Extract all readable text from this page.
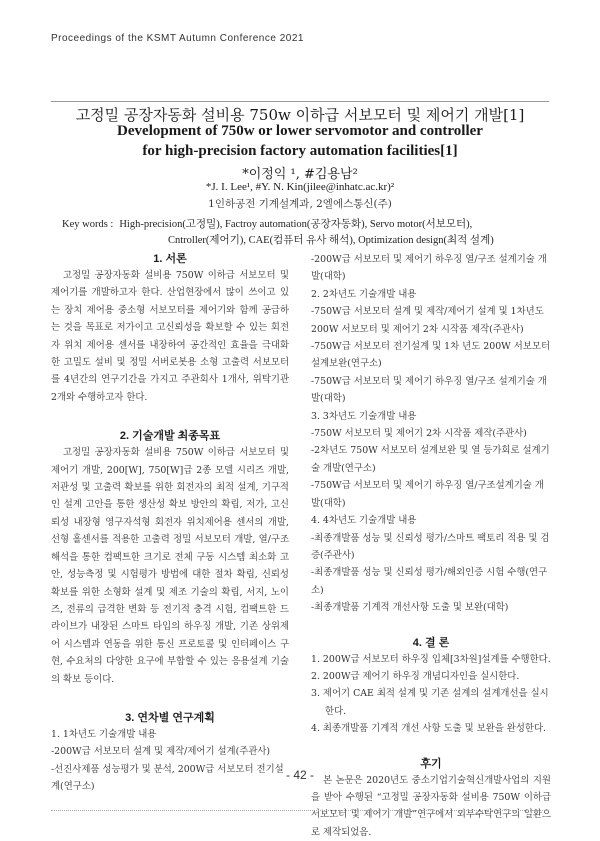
Proceedings of the KSMT Autumn Conference 2021
고정밀 공장자동화 설비용 750w 이하급 서보모터 및 제어기 개발[1]
Development of 750w or lower servomotor and controller
for high-precision factory automation facilities[1]
*이정익 ¹, #김용남²
*J. I. Lee¹, #Y. N. Kin(jilee@inhatc.ac.kr)²
1인하공전 기계설계과, 2엘에스통신(주)
Key words : High-precision(고정밀), Factroy automation(공장자동화), Servo motor(서보모터),
Cntroller(제어기), CAE(컴퓨터 유사 해석), Optimization design(최적 설계)
1. 서론

고정밀 공장자동화 설비용 750W 이하급 서보모터 및 제어기를 개발하고자 한다. 산업현장에서 많이 쓰이고 있는 장치 제어용 중소형 서보모터를 제어기와 함께 공급하는 것을 목표로 저가이고 고신뢰성을 확보할 수 있는 회전자 위치 제어용 센서를 내장하여 공간적인 효율을 극대화한 고밀도 설비 및 정밀 서버로봇용 소형 고출력 서보모터를 4년간의 연구기간을 가지고 주관회사 1개사, 위탁기관 2개와 수행하고자 한다.

2. 기술개발 최종목표

고정밀 공장자동화 설비용 750W 이하급 서보모터 및 제어기 개발, 200[W], 750[W]급 2종 모델 시리즈 개발, 저관성 및 고출력 확보를 위한 회전자의 최적 설계, 기구적인 설계 고안을 통한 생산성 확보 방안의 확립, 저가, 고신뢰성 내장형 영구자석형 회전자 위치제어용 센서의 개발, 선형 홀센서를 적용한 고출력 정밀 서보모터 개발, 열/구조해석을 통한 컴팩트한 크기로 전체 구동 시스템 최소화 고안, 성능측정 및 시험평가 방법에 대한 절차 확립, 신뢰성 확보를 위한 소형화 설계 및 제조 기술의 확립, 서지, 노이즈, 전류의 급격한 변화 등 전기적 충격 시험, 컴팩트한 드라이브가 내장된 스마트 타입의 하우징 개발, 기존 상위제어 시스템과 연동을 위한 통신 프로토콜 및 인터페이스 구현, 수요처의 다양한 요구에 부합할 수 있는 응용설계 기술의 확보 등이다.

3. 연차별 연구계획
1. 1차년도 기술개발 내용
-200W급 서보모터 설계 및 제작/제어기 설계(주관사)
-선진사제품 성능평가 및 분석, 200W급 서보모터 전기설계(연구소)
-200W급 서보모터 및 제어기 하우징 열/구조 설계기술 개발(대학)
2. 2차년도 기술개발 내용
-750W급 서보모터 설계 및 제작/제어기 설계 및 1차년도 200W 서보모터 및 제어기 2차 시작품 제작(주관사)
-750W급 서보모터 전기설계 및 1차 년도 200W 서보모터 설계보완(연구소)
-750W급 서보모터 및 제어기 하우징 열/구조 설계기술 개발(대학)
3. 3차년도 기술개발 내용
-750W 서보모터 및 제어기 2차 시작품 제작(주관사)
-2차년도 750W 서보모터 설계보완 및 열 등가회로 설계기술 개발(연구소)
-750W급 서보모터 및 제어기 하우징 열/구조설계기술 개발(대학)
4. 4차년도 기술개발 내용
-최종개발품 성능 및 신뢰성 평가/스마트 팩토리 적용 및 검증(주관사)
-최종개발품 성능 및 신뢰성 평가/해외인증 시험 수행(연구소)
-최종개발품 기계적 개선사항 도출 및 보완(대학)
4. 결 론
1. 200W급 서보모터 하우징 입체[3차원]설계를 수행한다.
2. 200W급 제어기 하우징 개념디자인을 실시한다.
3. 제어기 CAE 최적 설계 및 기존 설계의 설계개선을 실시한다.
4. 최종개발품 기계적 개선 사항 도출 및 보완을 완성한다.
후기

본 논문은 2020년도 중소기업기술혁신개발사업의 지원을 받아 수행된 “고정밀 공장자동화 설비용 750W 이하급 서보모터 및 제어기 개발”연구에서 외부수탁연구의 일환으로 제작되었음.

- 42 -
